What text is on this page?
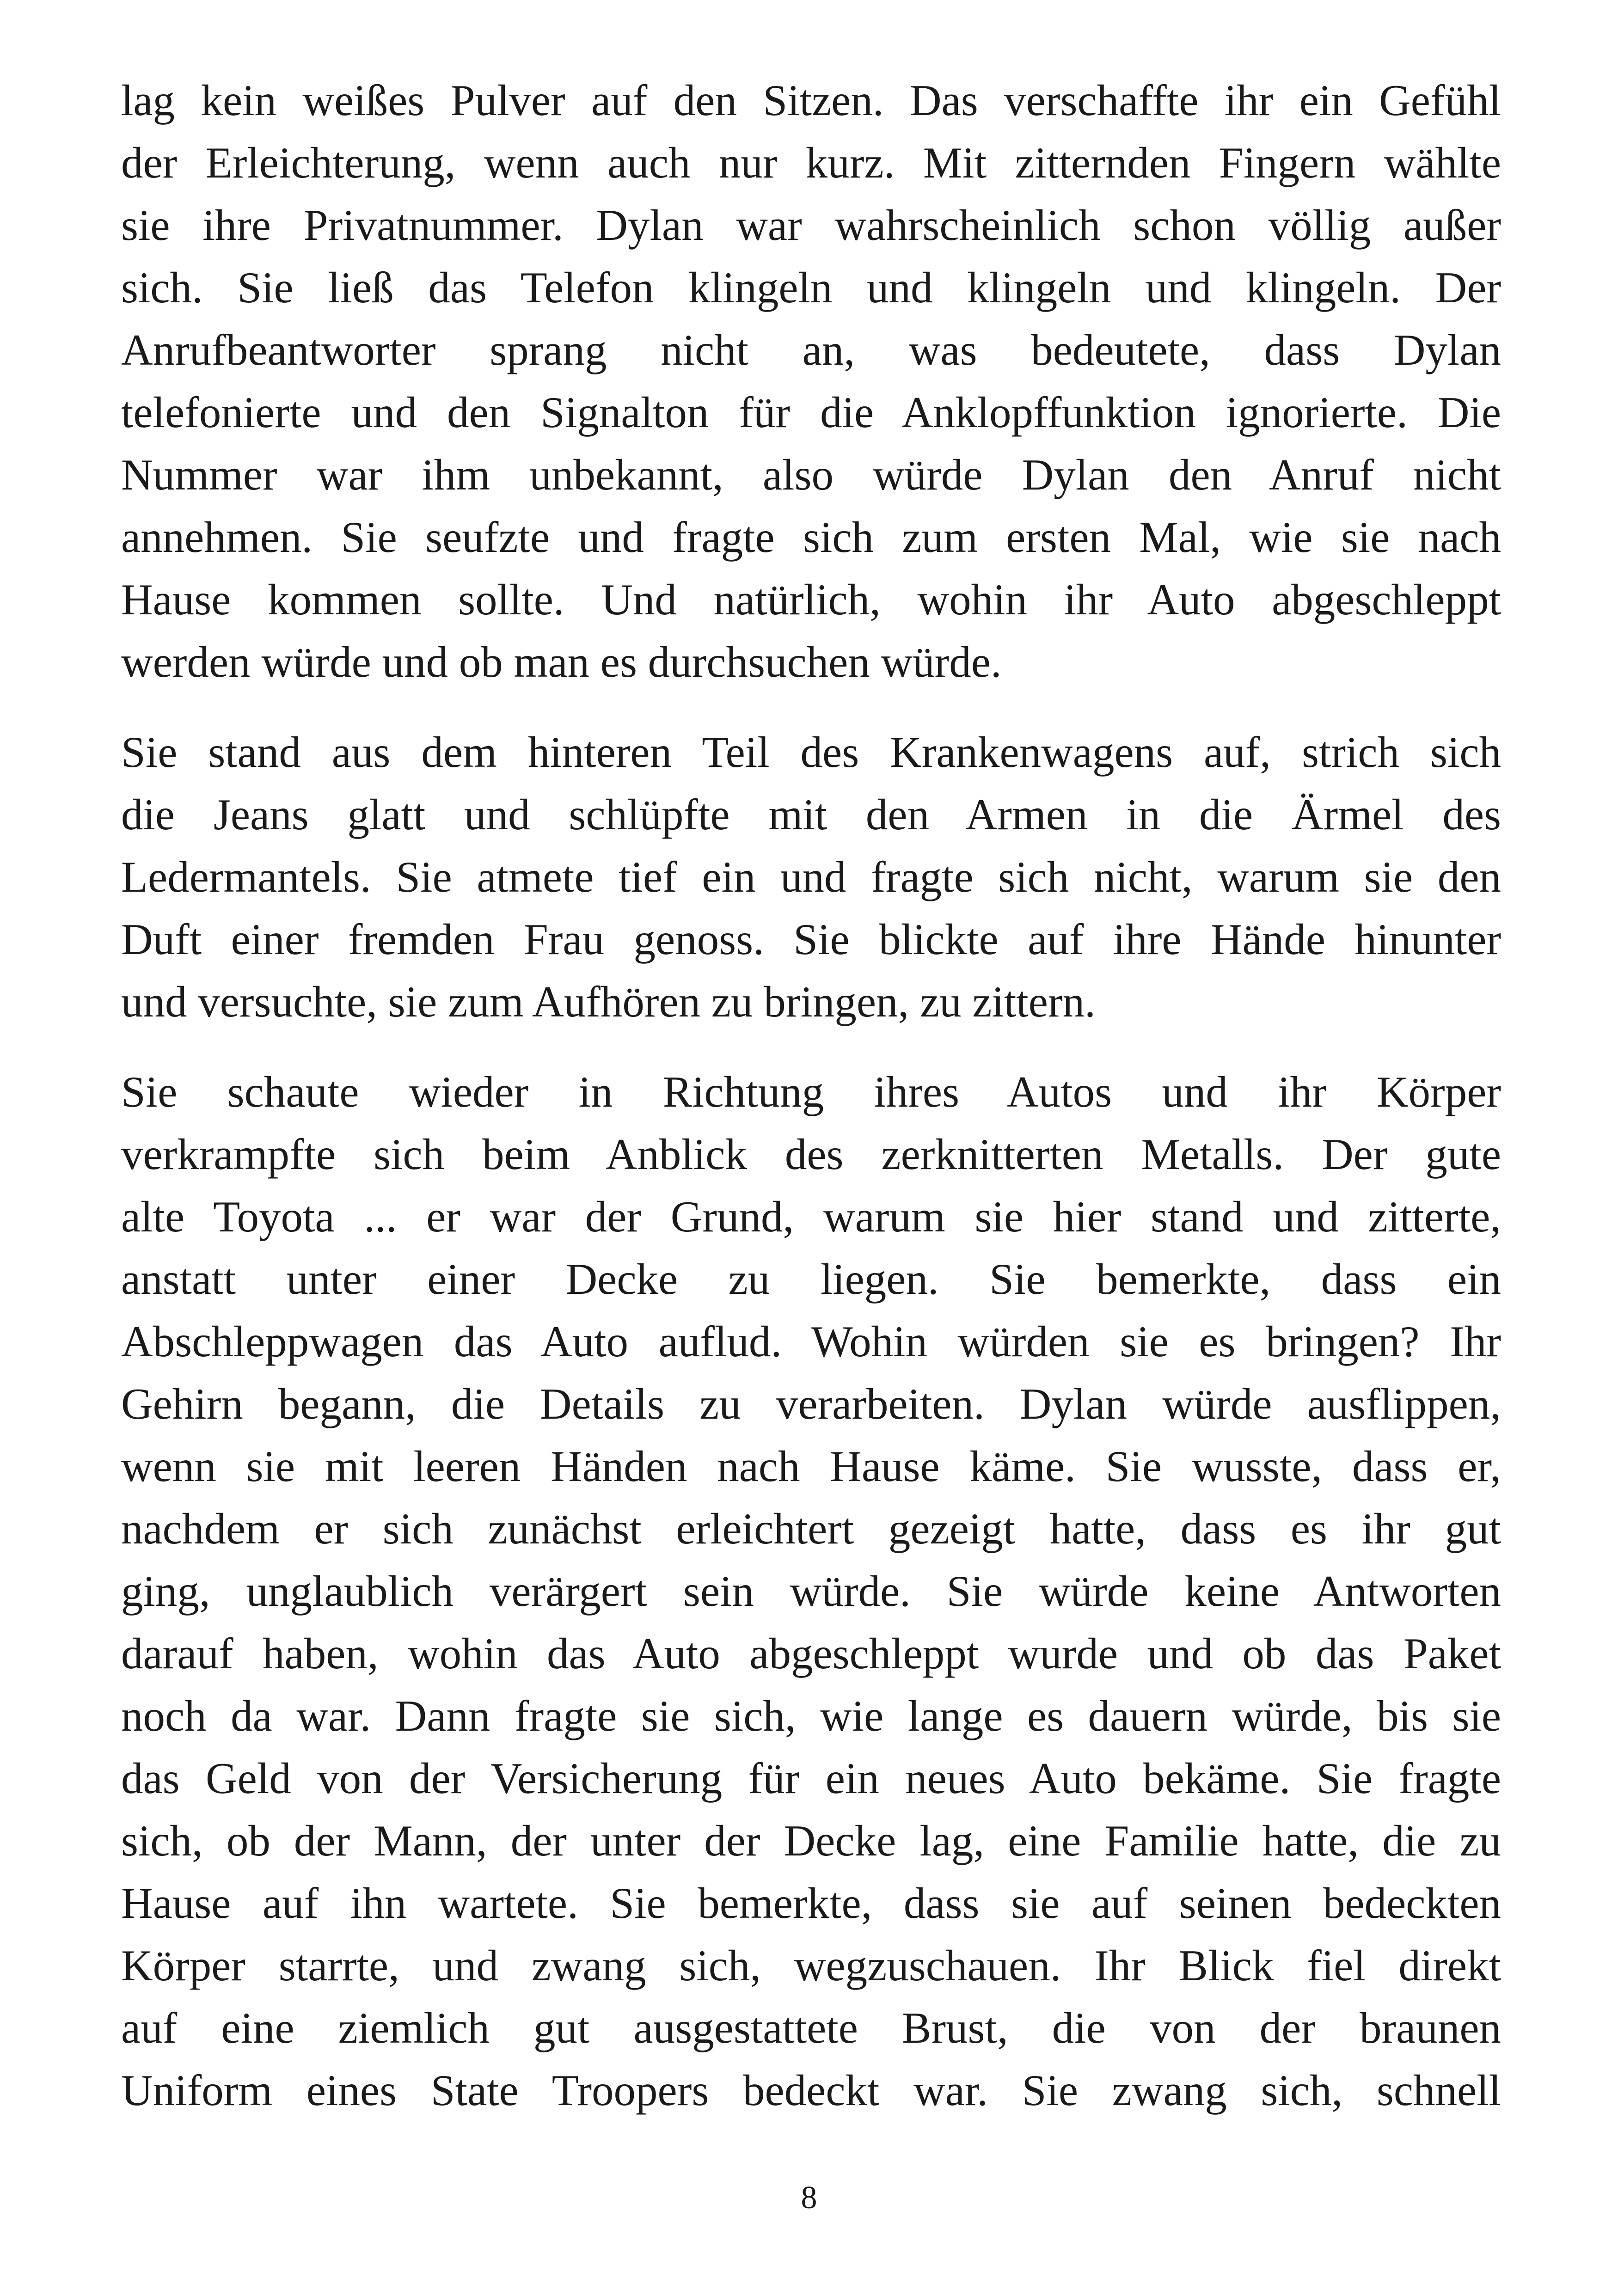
lag kein weißes Pulver auf den Sitzen. Das verschaffte ihr ein Gefühl
der Erleichterung, wenn auch nur kurz. Mit zitternden Fingern wählte
sie ihre Privatnummer. Dylan war wahrscheinlich schon völlig außer
sich. Sie ließ das Telefon klingeln und klingeln und klingeln. Der
Anrufbeantworter sprang nicht an, was bedeutete, dass Dylan
telefonierte und den Signalton für die Anklopffunktion ignorierte. Die
Nummer war ihm unbekannt, also würde Dylan den Anruf nicht
annehmen. Sie seufzte und fragte sich zum ersten Mal, wie sie nach
Hause kommen sollte. Und natürlich, wohin ihr Auto abgeschleppt
werden würde und ob man es durchsuchen würde.
Sie stand aus dem hinteren Teil des Krankenwagens auf, strich sich
die Jeans glatt und schlüpfte mit den Armen in die Ärmel des
Ledermantels. Sie atmete tief ein und fragte sich nicht, warum sie den
Duft einer fremden Frau genoss. Sie blickte auf ihre Hände hinunter
und versuchte, sie zum Aufhören zu bringen, zu zittern.
Sie schaute wieder in Richtung ihres Autos und ihr Körper
verkrampfte sich beim Anblick des zerknitterten Metalls. Der gute
alte Toyota ... er war der Grund, warum sie hier stand und zitterte,
anstatt unter einer Decke zu liegen. Sie bemerkte, dass ein
Abschleppwagen das Auto auflud. Wohin würden sie es bringen? Ihr
Gehirn begann, die Details zu verarbeiten. Dylan würde ausflippen,
wenn sie mit leeren Händen nach Hause käme. Sie wusste, dass er,
nachdem er sich zunächst erleichtert gezeigt hatte, dass es ihr gut
ging, unglaublich verärgert sein würde. Sie würde keine Antworten
darauf haben, wohin das Auto abgeschleppt wurde und ob das Paket
noch da war. Dann fragte sie sich, wie lange es dauern würde, bis sie
das Geld von der Versicherung für ein neues Auto bekäme. Sie fragte
sich, ob der Mann, der unter der Decke lag, eine Familie hatte, die zu
Hause auf ihn wartete. Sie bemerkte, dass sie auf seinen bedeckten
Körper starrte, und zwang sich, wegzuschauen. Ihr Blick fiel direkt
auf eine ziemlich gut ausgestattete Brust, die von der braunen
Uniform eines State Troopers bedeckt war. Sie zwang sich, schnell
8
